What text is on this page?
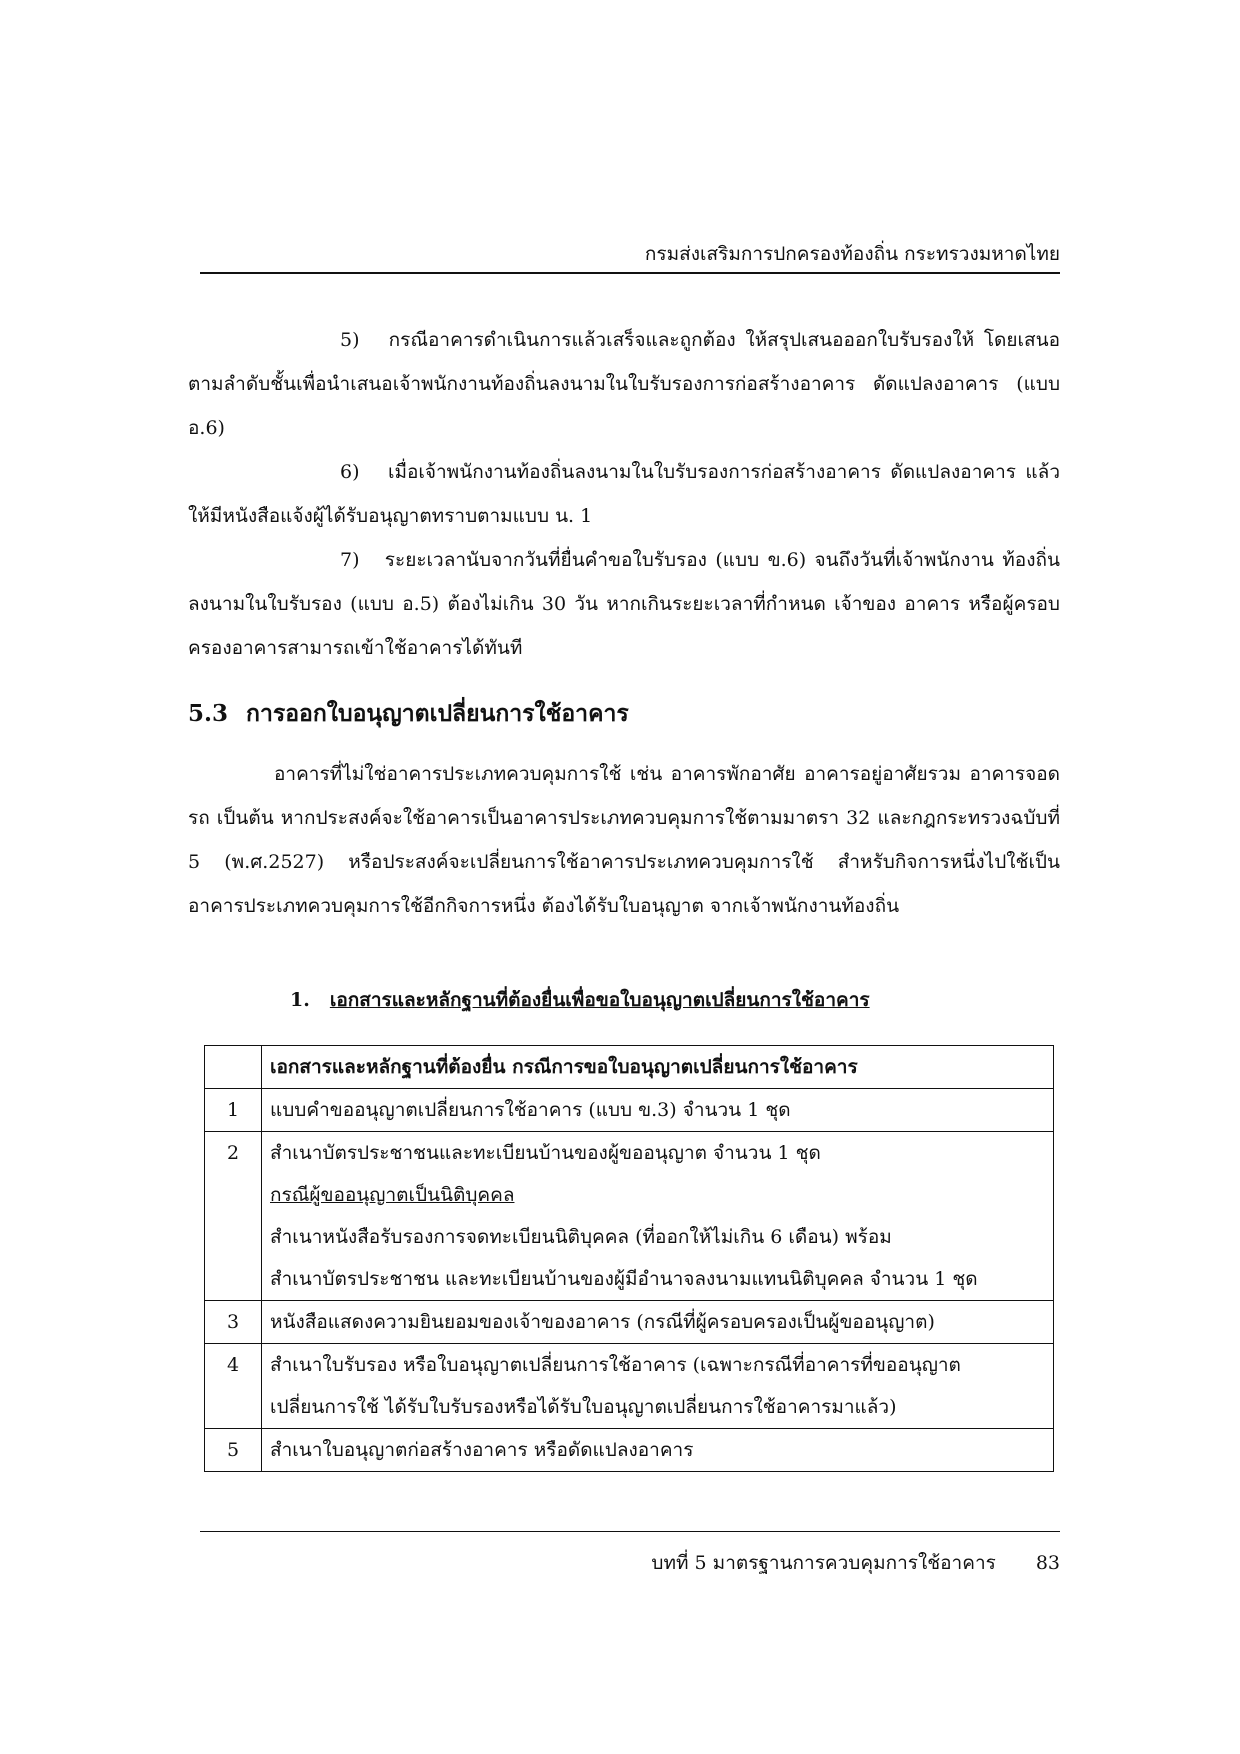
กรมส่งเสริมการปกครองท้องถิ่น กระทรวงมหาดไทย

5) กรณีอาคารดำเนินการแล้วเสร็จและถูกต้อง ให้สรุปเสนอออกใบรับรองให้ โดยเสนอตามลำดับชั้นเพื่อนำเสนอเจ้าพนักงานท้องถิ่นลงนามในใบรับรองการก่อสร้างอาคาร ดัดแปลงอาคาร (แบบ อ.6)

6) เมื่อเจ้าพนักงานท้องถิ่นลงนามในใบรับรองการก่อสร้างอาคาร ดัดแปลงอาคาร แล้ว ให้มีหนังสือแจ้งผู้ได้รับอนุญาตทราบตามแบบ น. 1

7) ระยะเวลานับจากวันที่ยื่นคำขอใบรับรอง (แบบ ข.6) จนถึงวันที่เจ้าพนักงาน ท้องถิ่นลงนามในใบรับรอง (แบบ อ.5) ต้องไม่เกิน 30 วัน หากเกินระยะเวลาที่กำหนด เจ้าของ อาคาร หรือผู้ครอบครองอาคารสามารถเข้าใช้อาคารได้ทันที

5.3 การออกใบอนุญาตเปลี่ยนการใช้อาคาร

อาคารที่ไม่ใช่อาคารประเภทควบคุมการใช้ เช่น อาคารพักอาศัย อาคารอยู่อาศัยรวม อาคารจอดรถ เป็นต้น หากประสงค์จะใช้อาคารเป็นอาคารประเภทควบคุมการใช้ตามมาตรา 32 และกฎกระทรวงฉบับที่ 5 (พ.ศ.2527) หรือประสงค์จะเปลี่ยนการใช้อาคารประเภทควบคุมการใช้ สำหรับกิจการหนึ่งไปใช้เป็นอาคารประเภทควบคุมการใช้อีกกิจการหนึ่ง ต้องได้รับใบอนุญาต จากเจ้าพนักงานท้องถิ่น

1. เอกสารและหลักฐานที่ต้องยื่นเพื่อขอใบอนุญาตเปลี่ยนการใช้อาคาร
	เอกสารและหลักฐานที่ต้องยื่น กรณีการขอใบอนุญาตเปลี่ยนการใช้อาคาร
1	แบบคำขออนุญาตเปลี่ยนการใช้อาคาร (แบบ ข.3) จำนวน 1 ชุด

2	สำเนาบัตรประชาชนและทะเบียนบ้านของผู้ขออนุญาต จำนวน 1 ชุด
กรณีผู้ขออนุญาตเป็นนิติบุคคล
สำเนาหนังสือรับรองการจดทะเบียนนิติบุคคล (ที่ออกให้ไม่เกิน 6 เดือน) พร้อม
สำเนาบัตรประชาชน และทะเบียนบ้านของผู้มีอำนาจลงนามแทนนิติบุคคล จำนวน 1 ชุด

3	หนังสือแสดงความยินยอมของเจ้าของอาคาร (กรณีที่ผู้ครอบครองเป็นผู้ขออนุญาต)

4	สำเนาใบรับรอง หรือใบอนุญาตเปลี่ยนการใช้อาคาร (เฉพาะกรณีที่อาคารที่ขออนุญาต
เปลี่ยนการใช้ ได้รับใบรับรองหรือได้รับใบอนุญาตเปลี่ยนการใช้อาคารมาแล้ว)

5	สำเนาใบอนุญาตก่อสร้างอาคาร หรือดัดแปลงอาคาร
บทที่ 5 มาตรฐานการควบคุมการใช้อาคาร 83
